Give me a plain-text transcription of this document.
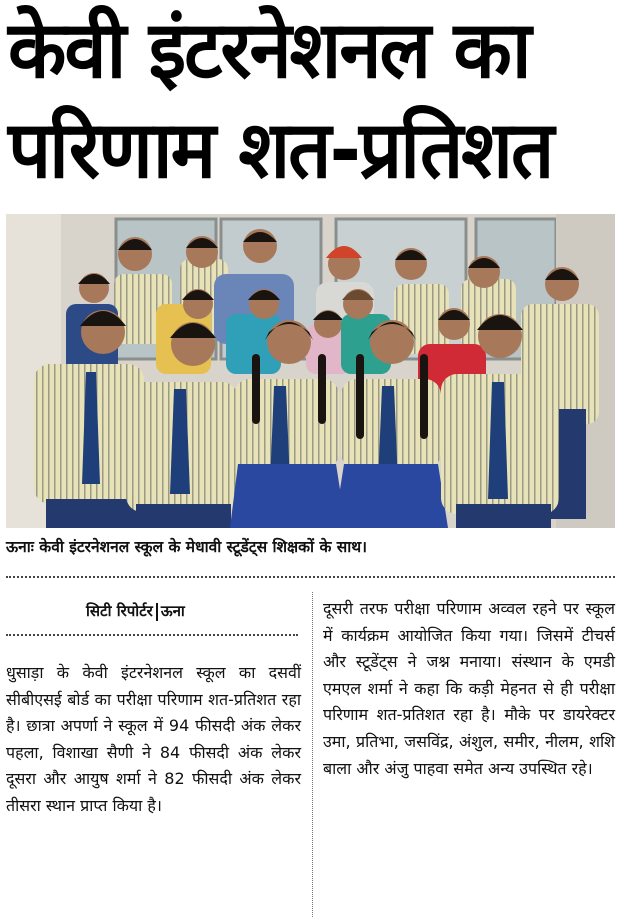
केवी इंटरनेशनल का
परिणाम शत-प्रतिशत
ऊनाः केवी इंटरनेशनल स्कूल के मेधावी स्टूडेंट्स शिक्षकों के साथ।
सिटी रिपोर्टर ऊना

धुसाड़ा के केवी इंटरनेशनल स्कूल का दसवीं सीबीएसई बोर्ड का परीक्षा परिणाम शत-प्रतिशत रहा है। छात्रा अपर्णा ने स्कूल में 94 फीसदी अंक लेकर पहला, विशाखा सैणी ने 84 फीसदी अंक लेकर दूसरा और आयुष शर्मा ने 82 फीसदी अंक लेकर तीसरा स्थान प्राप्त किया है।

दूसरी तरफ परीक्षा परिणाम अव्वल रहने पर स्कूल में कार्यक्रम आयोजित किया गया। जिसमें टीचर्स और स्टूडेंट्स ने जश्न मनाया। संस्थान के एमडी एमएल शर्मा ने कहा कि कड़ी मेहनत से ही परीक्षा परिणाम शत-प्रतिशत रहा है। मौके पर डायरेक्टर उमा, प्रतिभा, जसविंद्र, अंशुल, समीर, नीलम, शशि बाला और अंजु पाहवा समेत अन्य उपस्थित रहे।
